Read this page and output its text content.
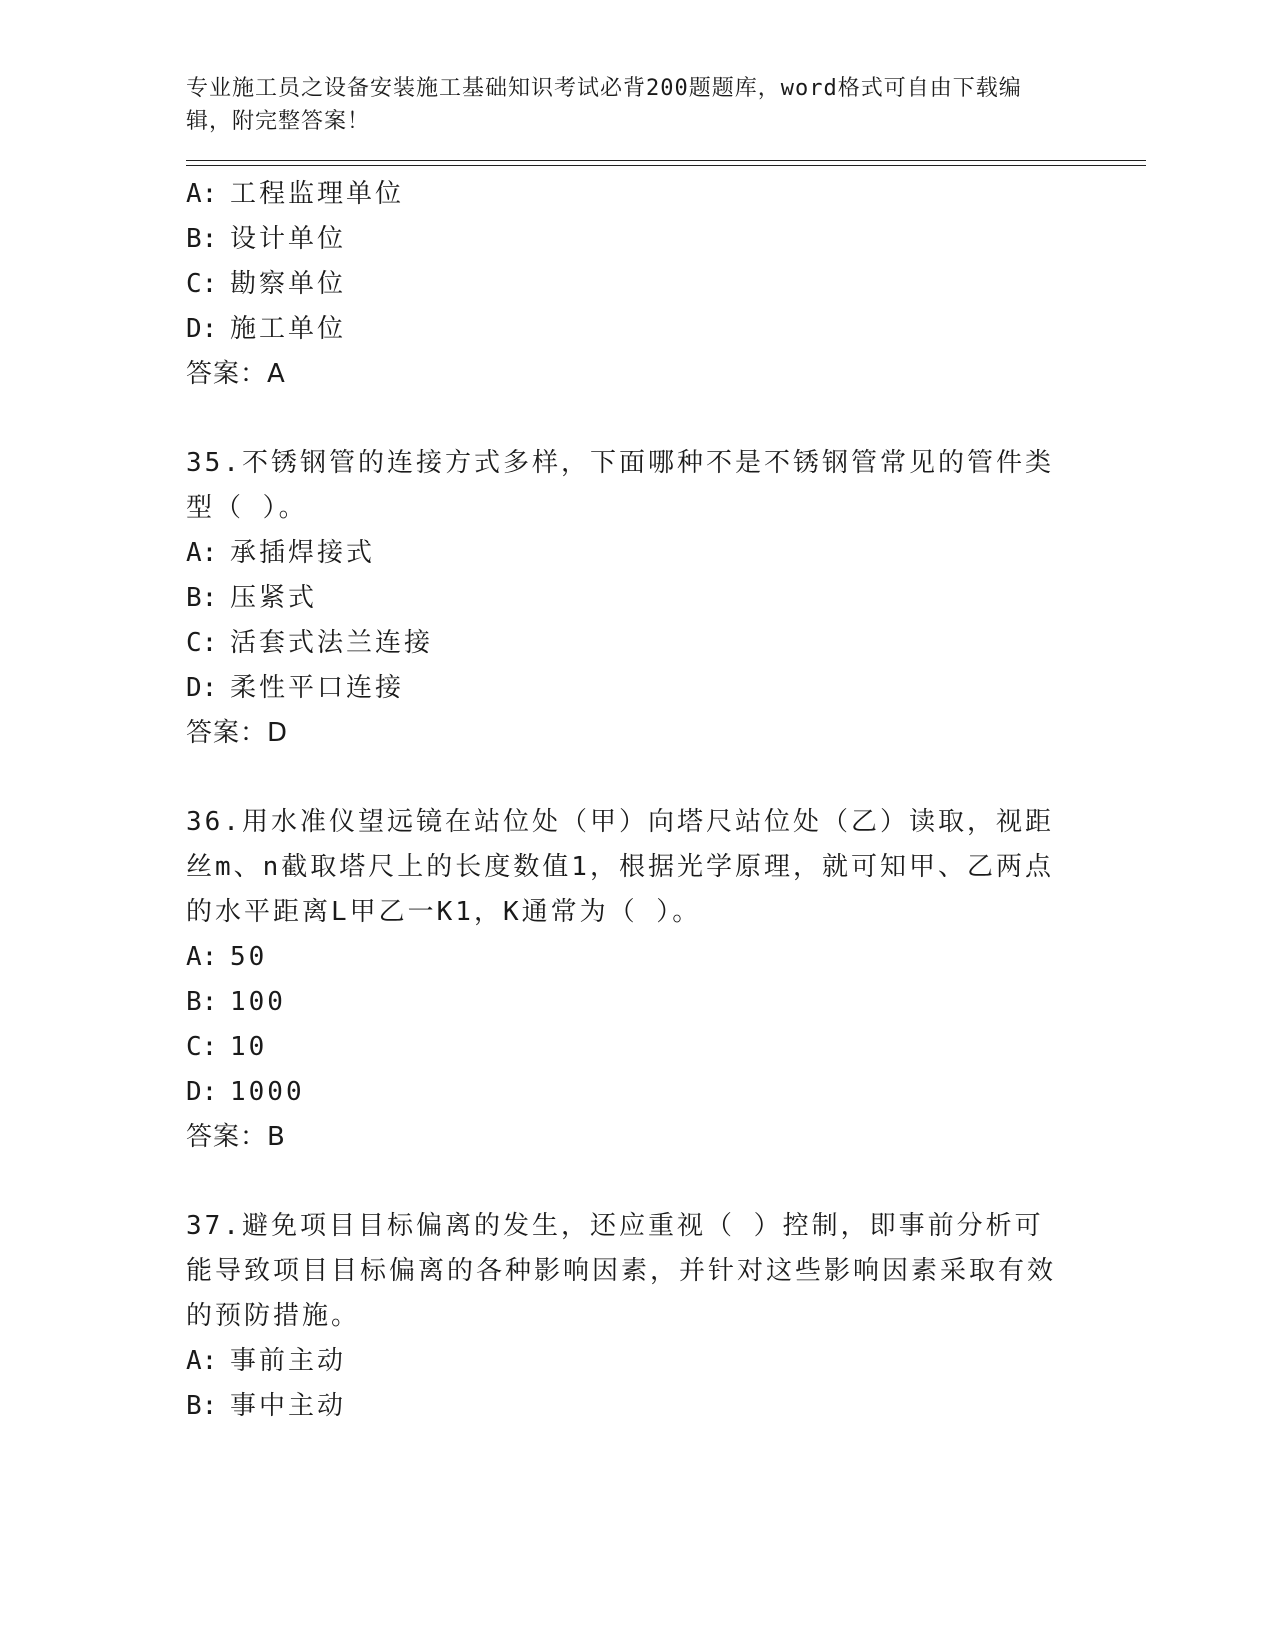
专业施工员之设备安装施工基础知识考试必背200题题库，word格式可自由下载编辑，附完整答案！
A: 工程监理单位
B: 设计单位
C: 勘察单位
D: 施工单位
答案：A
35.不锈钢管的连接方式多样，下面哪种不是不锈钢管常见的管件类型（ ）。
A: 承插焊接式
B: 压紧式
C: 活套式法兰连接
D: 柔性平口连接
答案：D
36.用水准仪望远镜在站位处（甲）向塔尺站位处（乙）读取，视距丝m、n截取塔尺上的长度数值1，根据光学原理，就可知甲、乙两点的水平距离L甲乙一K1，K通常为（ ）。
A: 50
B: 100
C: 10
D: 1000
答案：B
37.避免项目目标偏离的发生，还应重视（ ）控制，即事前分析可能导致项目目标偏离的各种影响因素，并针对这些影响因素采取有效的预防措施。
A: 事前主动
B: 事中主动
